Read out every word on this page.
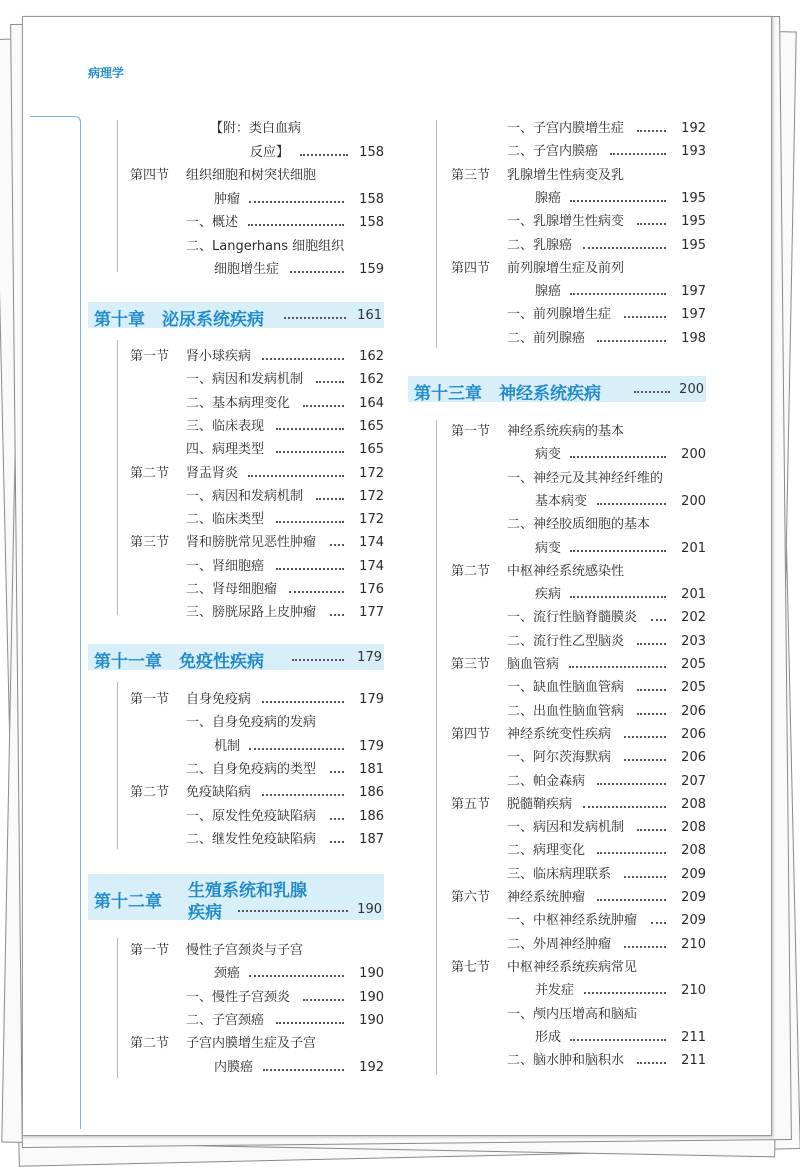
病理学
第十章　泌尿系统疾病	161
第十一章　免疫性疾病	179
第十二章
生殖系统和乳腺
疾病	190
第十三章　神经系统疾病	200
【附：类白血病
反应】	158
第四节 组织细胞和树突状细胞
肿瘤	158
一、概述	158
二、Langerhans 细胞组织
细胞增生症	159
第一节 肾小球疾病	162
一、病因和发病机制	162
二、基本病理变化	164
三、临床表现	165
四、病理类型	165
第二节 肾盂肾炎	172
一、病因和发病机制	172
二、临床类型	172
第三节 肾和膀胱常见恶性肿瘤	174
一、肾细胞癌	174
二、肾母细胞瘤	176
三、膀胱尿路上皮肿瘤	177
第一节 自身免疫病	179
一、自身免疫病的发病
机制	179
二、自身免疫病的类型	181
第二节 免疫缺陷病	186
一、原发性免疫缺陷病	186
二、继发性免疫缺陷病	187
第一节 慢性子宫颈炎与子宫
颈癌	190
一、慢性子宫颈炎	190
二、子宫颈癌	190
第二节 子宫内膜增生症及子宫
内膜癌	192
一、子宫内膜增生症	192
二、子宫内膜癌	193
第三节 乳腺增生性病变及乳
腺癌	195
一、乳腺增生性病变	195
二、乳腺癌	195
第四节 前列腺增生症及前列
腺癌	197
一、前列腺增生症	197
二、前列腺癌	198
第一节 神经系统疾病的基本
病变	200
一、神经元及其神经纤维的
基本病变	200
二、神经胶质细胞的基本
病变	201
第二节 中枢神经系统感染性
疾病	201
一、流行性脑脊髓膜炎	202
二、流行性乙型脑炎	203
第三节 脑血管病	205
一、缺血性脑血管病	205
二、出血性脑血管病	206
第四节 神经系统变性疾病	206
一、阿尔茨海默病	206
二、帕金森病	207
第五节 脱髓鞘疾病	208
一、病因和发病机制	208
二、病理变化	208
三、临床病理联系	209
第六节 神经系统肿瘤	209
一、中枢神经系统肿瘤	209
二、外周神经肿瘤	210
第七节 中枢神经系统疾病常见
并发症	210
一、颅内压增高和脑疝
形成	211
二、脑水肿和脑积水	211
